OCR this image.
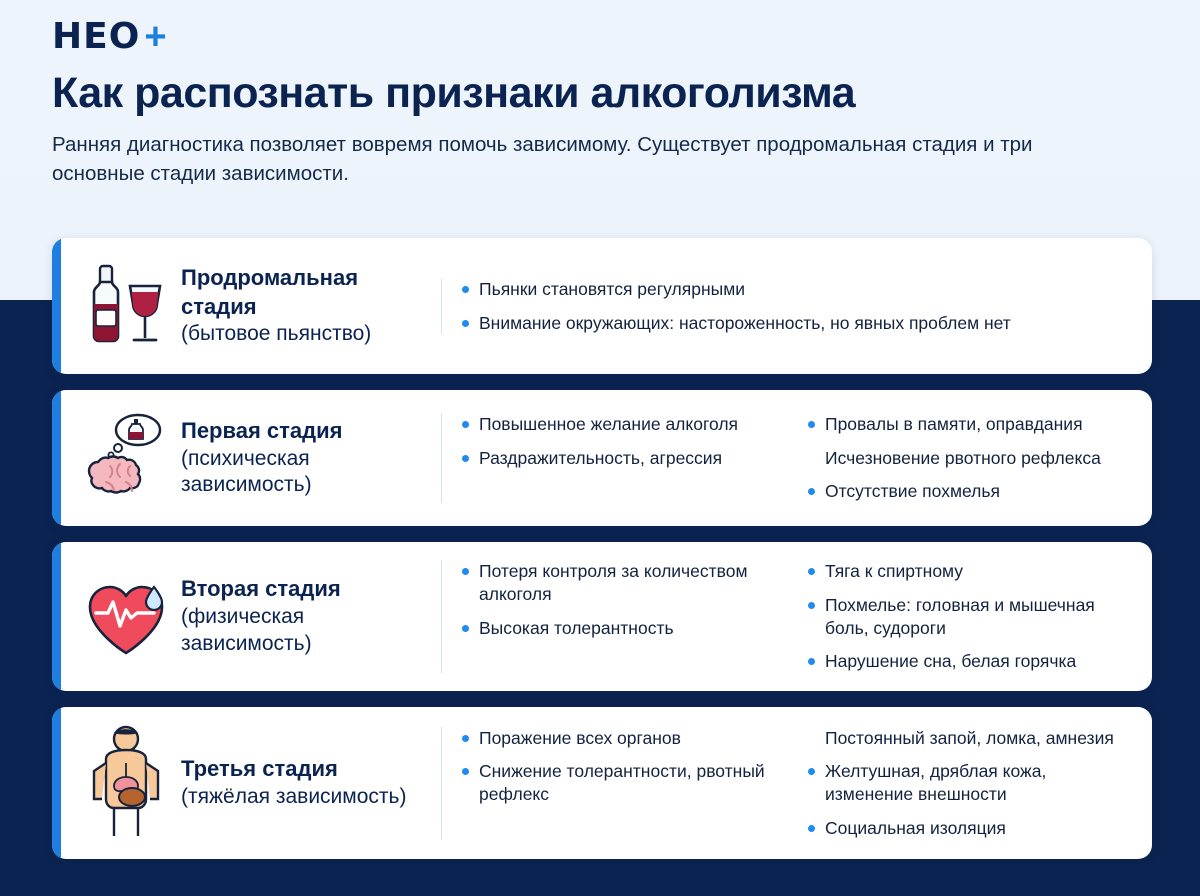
HEO +
Как распознать признаки алкоголизма

Ранняя диагностика позволяет вовремя помочь зависимому. Существует продромальная стадия и три основные стадии зависимости.

Продромальная стадия
(бытовое пьянство)
Пьянки становятся регулярными
Внимание окружающих: настороженность, но явных проблем нет
Первая стадия
(психическая зависимость)
Повышенное желание алкоголя
Раздражительность, агрессия
Провалы в памяти, оправдания
Исчезновение рвотного рефлекса
Отсутствие похмелья
Вторая стадия
(физическая зависимость)
Потеря контроля за количеством алкоголя
Высокая толерантность
Тяга к спиртному
Похмелье: головная и мышечная боль, судороги
Нарушение сна, белая горячка
Третья стадия
(тяжёлая зависимость)
Поражение всех органов
Снижение толерантности, рвотный рефлекс
Постоянный запой, ломка, амнезия
Желтушная, дряблая кожа, изменение внешности
Социальная изоляция
